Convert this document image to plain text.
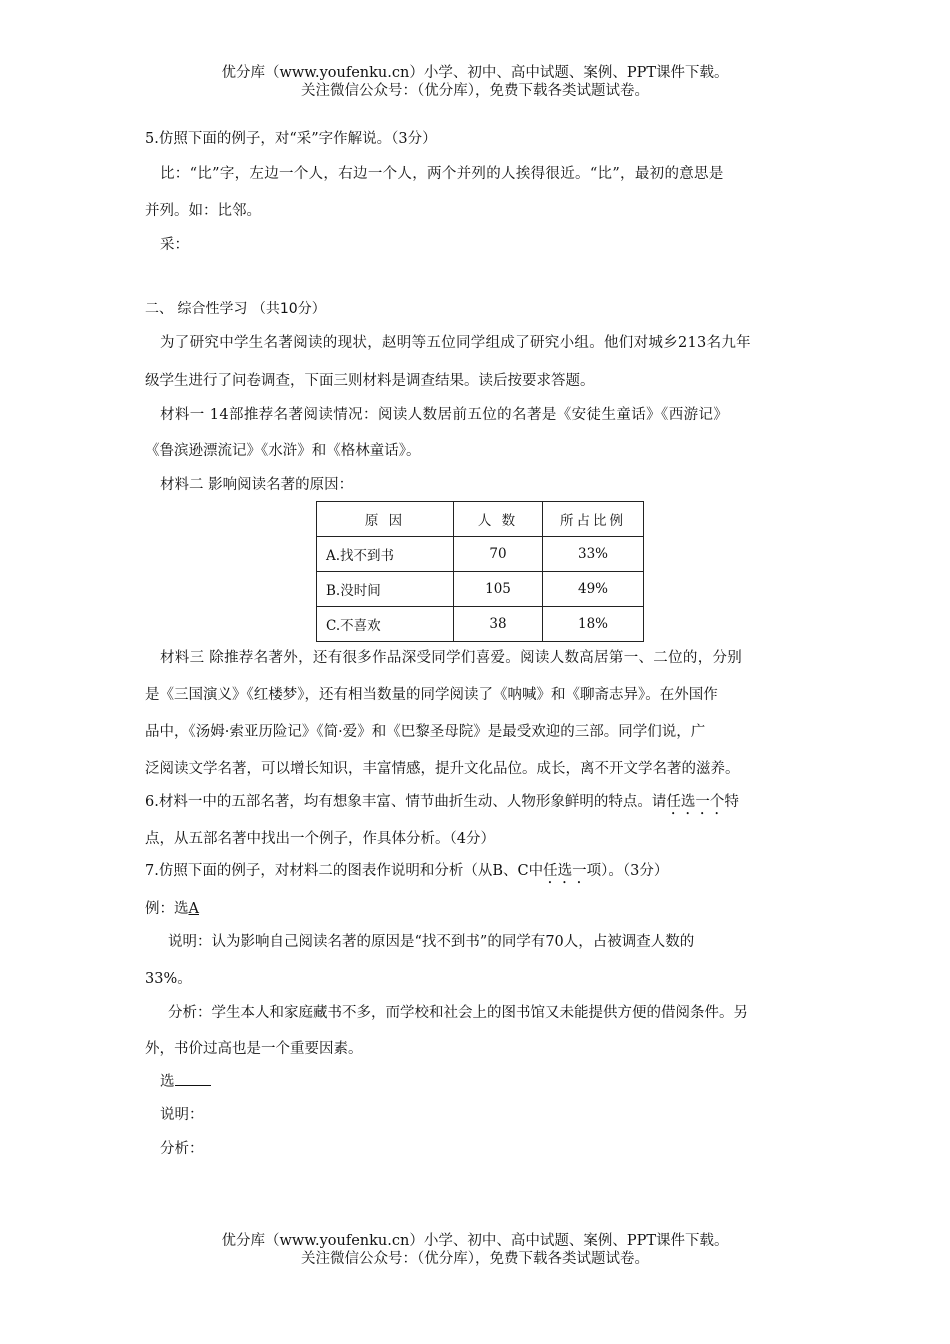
优分库（www.youfenku.cn）小学、初中、高中试题、案例、PPT课件下载。
关注微信公众号：（优分库），免费下载各类试题试卷。
5.仿照下面的例子，对“采”字作解说。（3分）
比：“比”字，左边一个人，右边一个人，两个并列的人挨得很近。“比”，最初的意思是
并列。如：比邻。
采：
二、 综合性学习 （共10分）
为了研究中学生名著阅读的现状，赵明等五位同学组成了研究小组。他们对城乡213名九年
级学生进行了问卷调查，下面三则材料是调查结果。读后按要求答题。
材料一 14部推荐名著阅读情况：阅读人数居前五位的名著是《安徒生童话》《西游记》
《鲁滨逊漂流记》《水浒》和《格林童话》。
材料二 影响阅读名著的原因：
原 因	人 数	所占比例
A.找不到书	70	33%
B.没时间	105	49%
C.不喜欢	38	18%
材料三 除推荐名著外，还有很多作品深受同学们喜爱。阅读人数高居第一、二位的，分别
是《三国演义》《红楼梦》，还有相当数量的同学阅读了《呐喊》和《聊斋志异》。在外国作
品中，《汤姆·索亚历险记》《简·爱》和《巴黎圣母院》是最受欢迎的三部。同学们说，广
泛阅读文学名著，可以增长知识，丰富情感，提升文化品位。成长，离不开文学名著的滋养。
6.材料一中的五部名著，均有想象丰富、情节曲折生动、人物形象鲜明的特点。请任选一个特
点，从五部名著中找出一个例子，作具体分析。（4分）
7.仿照下面的例子，对材料二的图表作说明和分析（从B、C中任选一项）。（3分）
例：选A
说明：认为影响自己阅读名著的原因是“找不到书”的同学有70人，占被调查人数的
33%。
分析：学生本人和家庭藏书不多，而学校和社会上的图书馆又未能提供方便的借阅条件。另
外，书价过高也是一个重要因素。
选
说明：
分析：
优分库（www.youfenku.cn）小学、初中、高中试题、案例、PPT课件下载。
关注微信公众号：（优分库），免费下载各类试题试卷。
